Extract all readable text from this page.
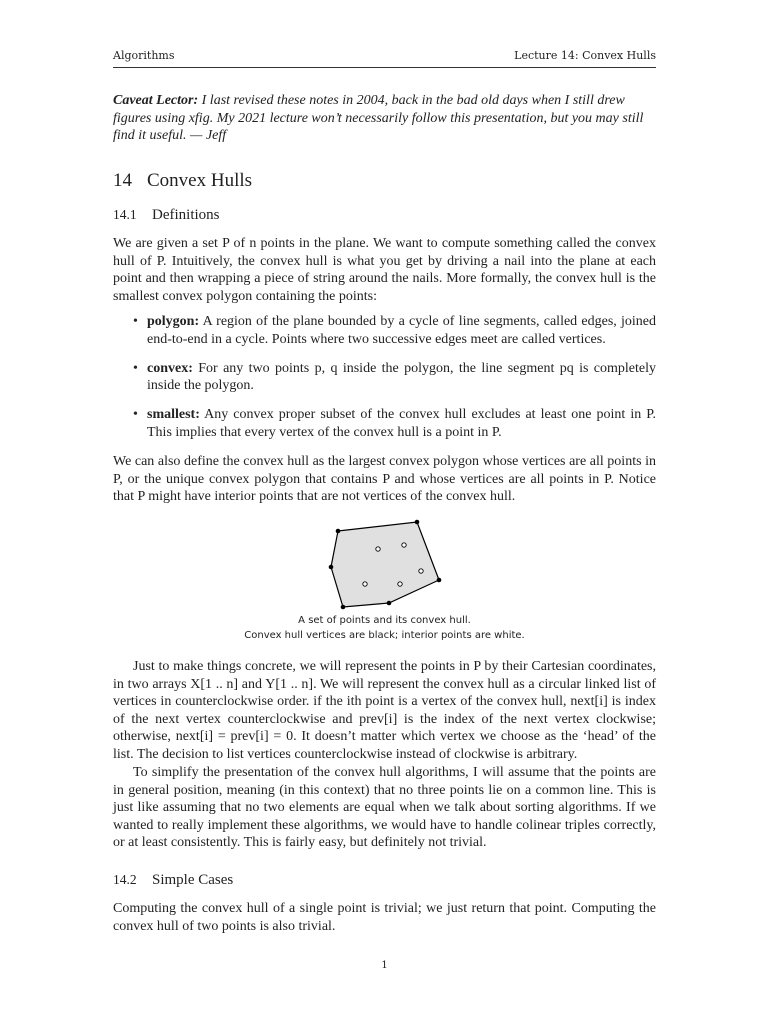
Algorithms	Lecture 14: Convex Hulls
Caveat Lector: I last revised these notes in 2004, back in the bad old days when I still drew figures using xfig. My 2021 lecture won’t necessarily follow this presentation, but you may still find it useful. — Jeff
14 Convex Hulls
14.1 Definitions
We are given a set P of n points in the plane. We want to compute something called the convex hull of P. Intuitively, the convex hull is what you get by driving a nail into the plane at each point and then wrapping a piece of string around the nails. More formally, the convex hull is the smallest convex polygon containing the points:
• polygon: A region of the plane bounded by a cycle of line segments, called edges, joined end-to-end in a cycle. Points where two successive edges meet are called vertices.
• convex: For any two points p, q inside the polygon, the line segment pq is completely inside the polygon.
• smallest: Any convex proper subset of the convex hull excludes at least one point in P. This implies that every vertex of the convex hull is a point in P.
We can also define the convex hull as the largest convex polygon whose vertices are all points in P, or the unique convex polygon that contains P and whose vertices are all points in P. Notice that P might have interior points that are not vertices of the convex hull.
A set of points and its convex hull.
Convex hull vertices are black; interior points are white.
Just to make things concrete, we will represent the points in P by their Cartesian coordinates, in two arrays X[1 .. n] and Y[1 .. n]. We will represent the convex hull as a circular linked list of vertices in counterclockwise order. if the ith point is a vertex of the convex hull, next[i] is index of the next vertex counterclockwise and prev[i] is the index of the next vertex clockwise; otherwise, next[i] = prev[i] = 0. It doesn’t matter which vertex we choose as the ‘head’ of the list. The decision to list vertices counterclockwise instead of clockwise is arbitrary.
To simplify the presentation of the convex hull algorithms, I will assume that the points are in general position, meaning (in this context) that no three points lie on a common line. This is just like assuming that no two elements are equal when we talk about sorting algorithms. If we wanted to really implement these algorithms, we would have to handle colinear triples correctly, or at least consistently. This is fairly easy, but definitely not trivial.
14.2 Simple Cases
Computing the convex hull of a single point is trivial; we just return that point. Computing the convex hull of two points is also trivial.
1
